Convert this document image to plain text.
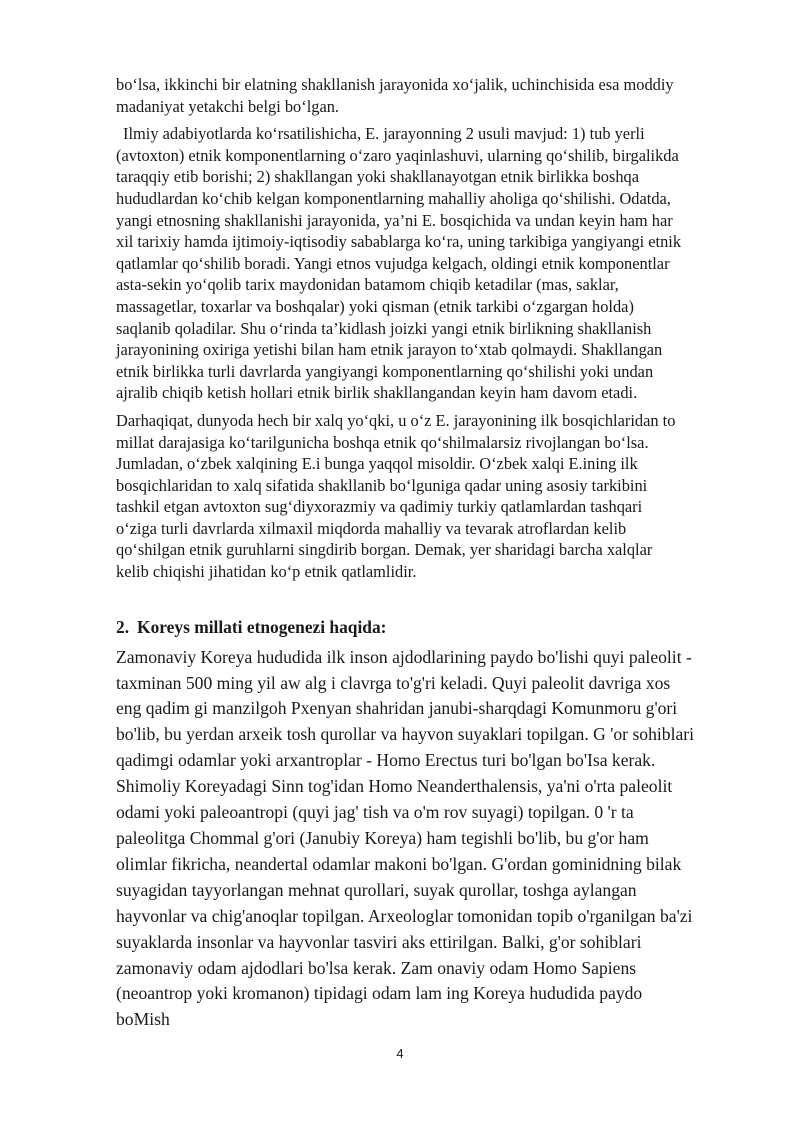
bo‘lsa, ikkinchi bir elatning shakllanish jarayonida xo‘jalik, uchinchisida esa moddiy madaniyat yetakchi belgi bo‘lgan.

Ilmiy adabiyotlarda ko‘rsatilishicha, E. jarayonning 2 usuli mavjud: 1) tub yerli (avtoxton) etnik komponentlarning o‘zaro yaqinlashuvi, ularning qo‘shilib, birgalikda taraqqiy etib borishi; 2) shakllangan yoki shakllanayotgan etnik birlikka boshqa hududlardan ko‘chib kelgan komponentlarning mahalliy aholiga qo‘shilishi. Odatda, yangi etnosning shakllanishi jarayonida, ya’ni E. bosqichida va undan keyin ham har xil tarixiy hamda ijtimoiy-iqtisodiy sabablarga ko‘ra, uning tarkibiga yangiyangi etnik qatlamlar qo‘shilib boradi. Yangi etnos vujudga kelgach, oldingi etnik komponentlar asta-sekin yo‘qolib tarix maydonidan batamom chiqib ketadilar (mas, saklar, massagetlar, toxarlar va boshqalar) yoki qisman (etnik tarkibi o‘zgargan holda) saqlanib qoladilar. Shu o‘rinda ta’kidlash joizki yangi etnik birlikning shakllanish jarayonining oxiriga yetishi bilan ham etnik jarayon to‘xtab qolmaydi. Shakllangan etnik birlikka turli davrlarda yangiyangi komponentlarning qo‘shilishi yoki undan ajralib chiqib ketish hollari etnik birlik shakllangandan keyin ham davom etadi.

Darhaqiqat, dunyoda hech bir xalq yo‘qki, u o‘z E. jarayonining ilk bosqichlaridan to millat darajasiga ko‘tarilgunicha boshqa etnik qo‘shilmalarsiz rivojlangan bo‘lsa. Jumladan, o‘zbek xalqining E.i bunga yaqqol misoldir. O‘zbek xalqi E.ining ilk bosqichlaridan to xalq sifatida shakllanib bo‘lguniga qadar uning asosiy tarkibini tashkil etgan avtoxton sug‘diyxorazmiy va qadimiy turkiy qatlamlardan tashqari o‘ziga turli davrlarda xilmaxil miqdorda mahalliy va tevarak atroflardan kelib qo‘shilgan etnik guruhlarni singdirib borgan. Demak, yer sharidagi barcha xalqlar kelib chiqishi jihatidan ko‘p etnik qatlamlidir.

2. Koreys millati etnogenezi haqida:

Zamonaviy Koreya hududida ilk inson ajdodlarining paydo bo'lishi quyi paleolit - taxminan 500 ming yil aw alg i clavrga to'g'ri keladi. Quyi paleolit davriga xos eng qadim gi manzilgoh Pxenyan shahridan janubi-sharqdagi Komunmoru g'ori bo'lib, bu yerdan arxeik tosh qurollar va hayvon suyaklari topilgan. G 'or sohiblari qadimgi odamlar yoki arxantroplar - Homo Erectus turi bo'lgan bo'Isa kerak. Shimoliy Koreyadagi Sinn tog'idan Homo Neanderthalensis, ya'ni o'rta paleolit odami yoki paleoantropi (quyi jag' tish va o'm rov suyagi) topilgan. 0 'r ta paleolitga Chommal g'ori (Janubiy Koreya) ham tegishli bo'lib, bu g'or ham olimlar fikricha, neandertal odamlar makoni bo'lgan. G'ordan gominidning bilak suyagidan tayyorlangan mehnat qurollari, suyak qurollar, toshga aylangan hayvonlar va chig'anoqlar topilgan. Arxeologlar tomonidan topib o'rganilgan ba'zi suyaklarda insonlar va hayvonlar tasviri aks ettirilgan. Balki, g'or sohiblari zamonaviy odam ajdodlari bo'lsa kerak. Zam onaviy odam Homo Sapiens (neoantrop yoki kromanon) tipidagi odam lam ing Koreya hududida paydo boMish

4
